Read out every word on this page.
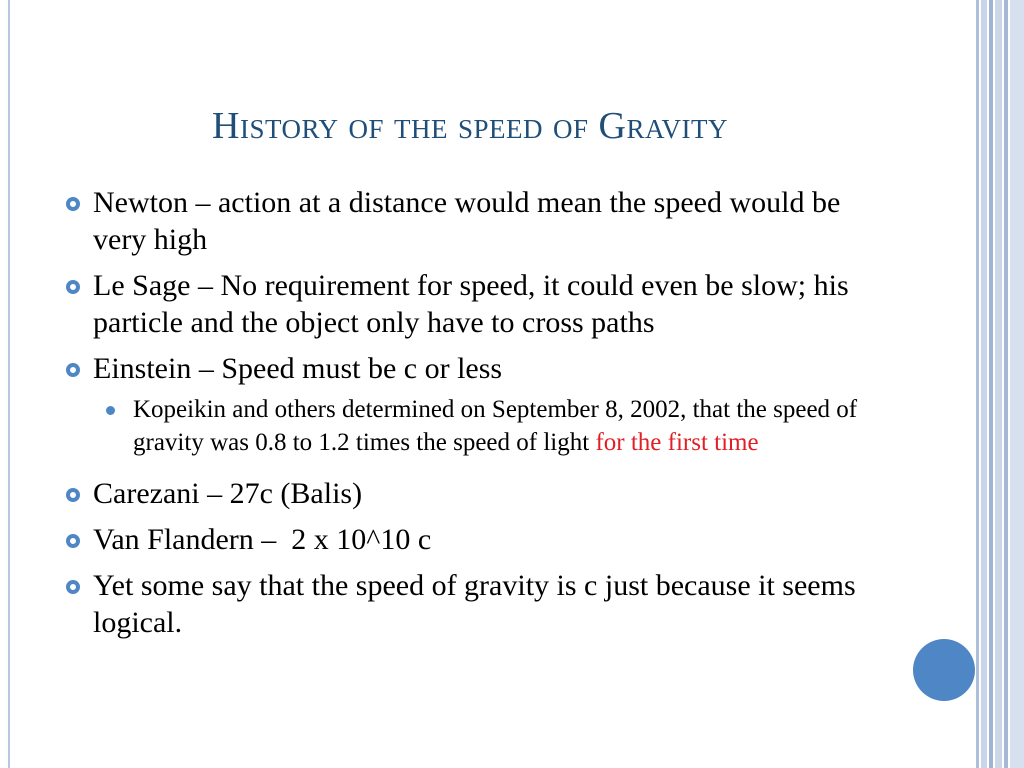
History of the speed of Gravity
Newton – action at a distance would mean the speed would be very high
Le Sage – No requirement for speed, it could even be slow; his particle and the object only have to cross paths
Einstein – Speed must be c or less
Kopeikin and others determined on September 8, 2002, that the speed of gravity was 0.8 to 1.2 times the speed of light for the first time
Carezani – 27c (Balis)
Van Flandern –  2 x 10^10 c
Yet some say that the speed of gravity is c just because it seems logical.
